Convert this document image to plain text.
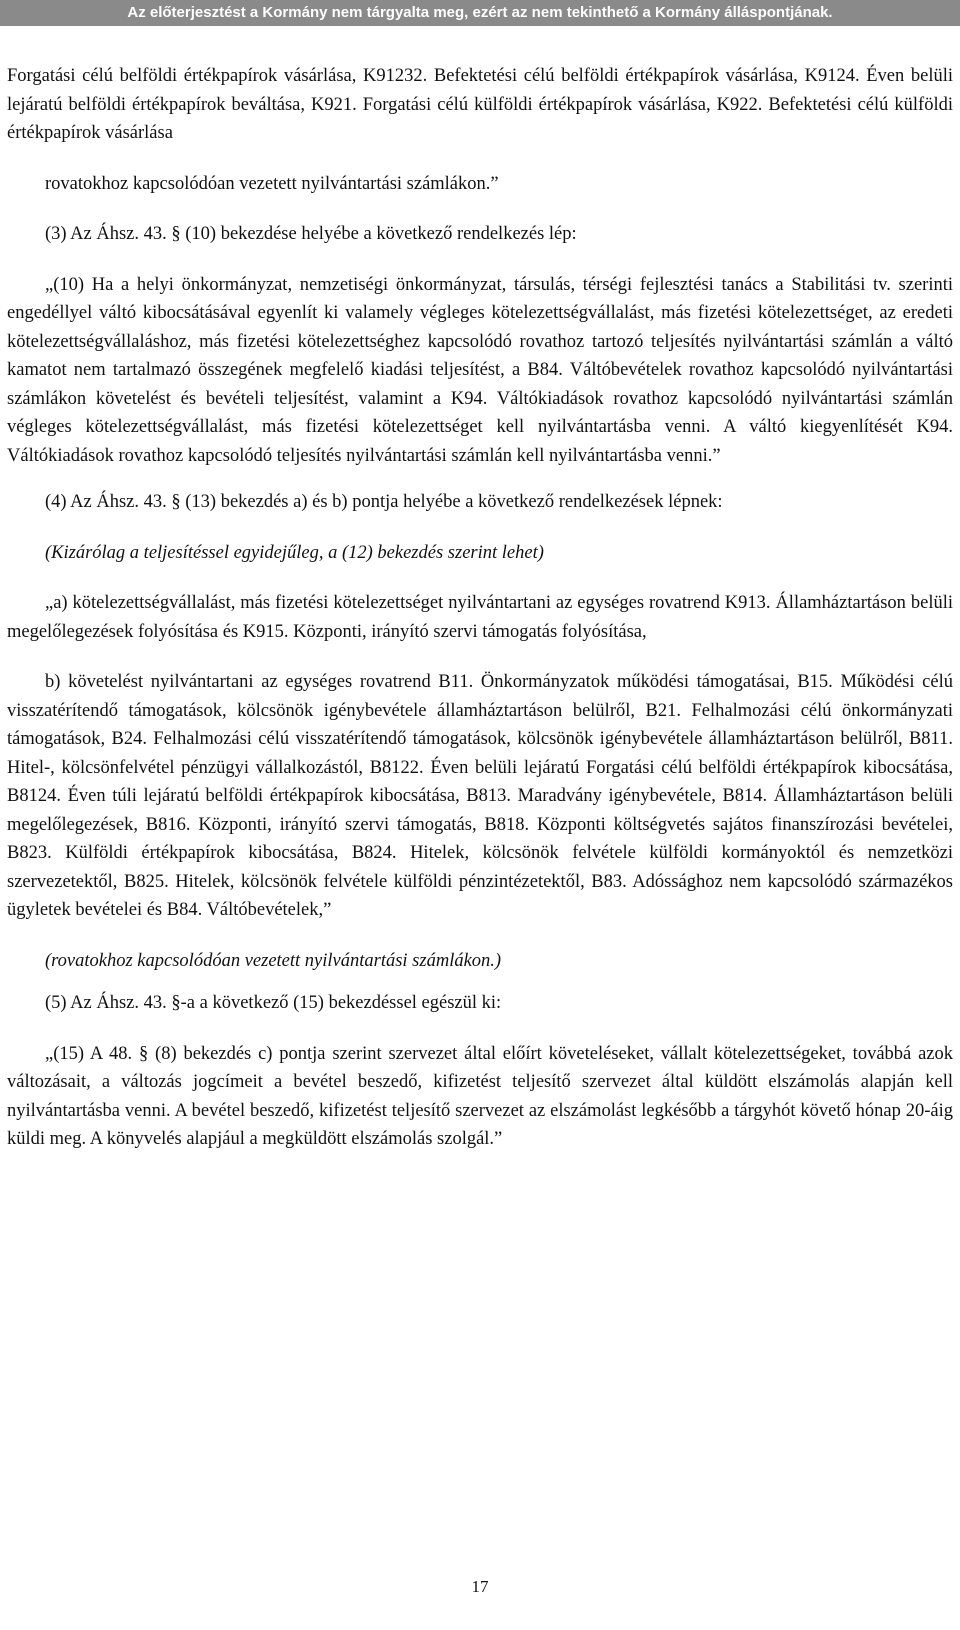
Az előterjesztést a Kormány nem tárgyalta meg, ezért az nem tekinthető a Kormány álláspontjának.

Forgatási célú belföldi értékpapírok vásárlása, K91232. Befektetési célú belföldi értékpapírok vásárlása, K9124. Éven belüli lejáratú belföldi értékpapírok beváltása, K921. Forgatási célú külföldi értékpapírok vásárlása, K922. Befektetési célú külföldi értékpapírok vásárlása

rovatokhoz kapcsolódóan vezetett nyilvántartási számlákon.”

(3) Az Áhsz. 43. § (10) bekezdése helyébe a következő rendelkezés lép:

„(10) Ha a helyi önkormányzat, nemzetiségi önkormányzat, társulás, térségi fejlesztési tanács a Stabilitási tv. szerinti engedéllyel váltó kibocsátásával egyenlít ki valamely végleges kötelezettségvállalást, más fizetési kötelezettséget, az eredeti kötelezettségvállaláshoz, más fizetési kötelezettséghez kapcsolódó rovathoz tartozó teljesítés nyilvántartási számlán a váltó kamatot nem tartalmazó összegének megfelelő kiadási teljesítést, a B84. Váltóbevételek rovathoz kapcsolódó nyilvántartási számlákon követelést és bevételi teljesítést, valamint a K94. Váltókiadások rovathoz kapcsolódó nyilvántartási számlán végleges kötelezettségvállalást, más fizetési kötelezettséget kell nyilvántartásba venni. A váltó kiegyenlítését K94. Váltókiadások rovathoz kapcsolódó teljesítés nyilvántartási számlán kell nyilvántartásba venni.”

(4) Az Áhsz. 43. § (13) bekezdés a) és b) pontja helyébe a következő rendelkezések lépnek:

(Kizárólag a teljesítéssel egyidejűleg, a (12) bekezdés szerint lehet)

„a) kötelezettségvállalást, más fizetési kötelezettséget nyilvántartani az egységes rovatrend K913. Államháztartáson belüli megelőlegezések folyósítása és K915. Központi, irányító szervi támogatás folyósítása,

b) követelést nyilvántartani az egységes rovatrend B11. Önkormányzatok működési támogatásai, B15. Működési célú visszatérítendő támogatások, kölcsönök igénybevétele államháztartáson belülről, B21. Felhalmozási célú önkormányzati támogatások, B24. Felhalmozási célú visszatérítendő támogatások, kölcsönök igénybevétele államháztartáson belülről, B811. Hitel-, kölcsönfelvétel pénzügyi vállalkozástól, B8122. Éven belüli lejáratú Forgatási célú belföldi értékpapírok kibocsátása, B8124. Éven túli lejáratú belföldi értékpapírok kibocsátása, B813. Maradvány igénybevétele, B814. Államháztartáson belüli megelőlegezések, B816. Központi, irányító szervi támogatás, B818. Központi költségvetés sajátos finanszírozási bevételei, B823. Külföldi értékpapírok kibocsátása, B824. Hitelek, kölcsönök felvétele külföldi kormányoktól és nemzetközi szervezetektől, B825. Hitelek, kölcsönök felvétele külföldi pénzintézetektől, B83. Adóssághoz nem kapcsolódó származékos ügyletek bevételei és B84. Váltóbevételek,”

(rovatokhoz kapcsolódóan vezetett nyilvántartási számlákon.)

(5) Az Áhsz. 43. §-a a következő (15) bekezdéssel egészül ki:

„(15) A 48. § (8) bekezdés c) pontja szerint szervezet által előírt követeléseket, vállalt kötelezettségeket, továbbá azok változásait, a változás jogcímeit a bevétel beszedő, kifizetést teljesítő szervezet által küldött elszámolás alapján kell nyilvántartásba venni. A bevétel beszedő, kifizetést teljesítő szervezet az elszámolást legkésőbb a tárgyhót követő hónap 20-áig küldi meg. A könyvelés alapjául a megküldött elszámolás szolgál.”

17
